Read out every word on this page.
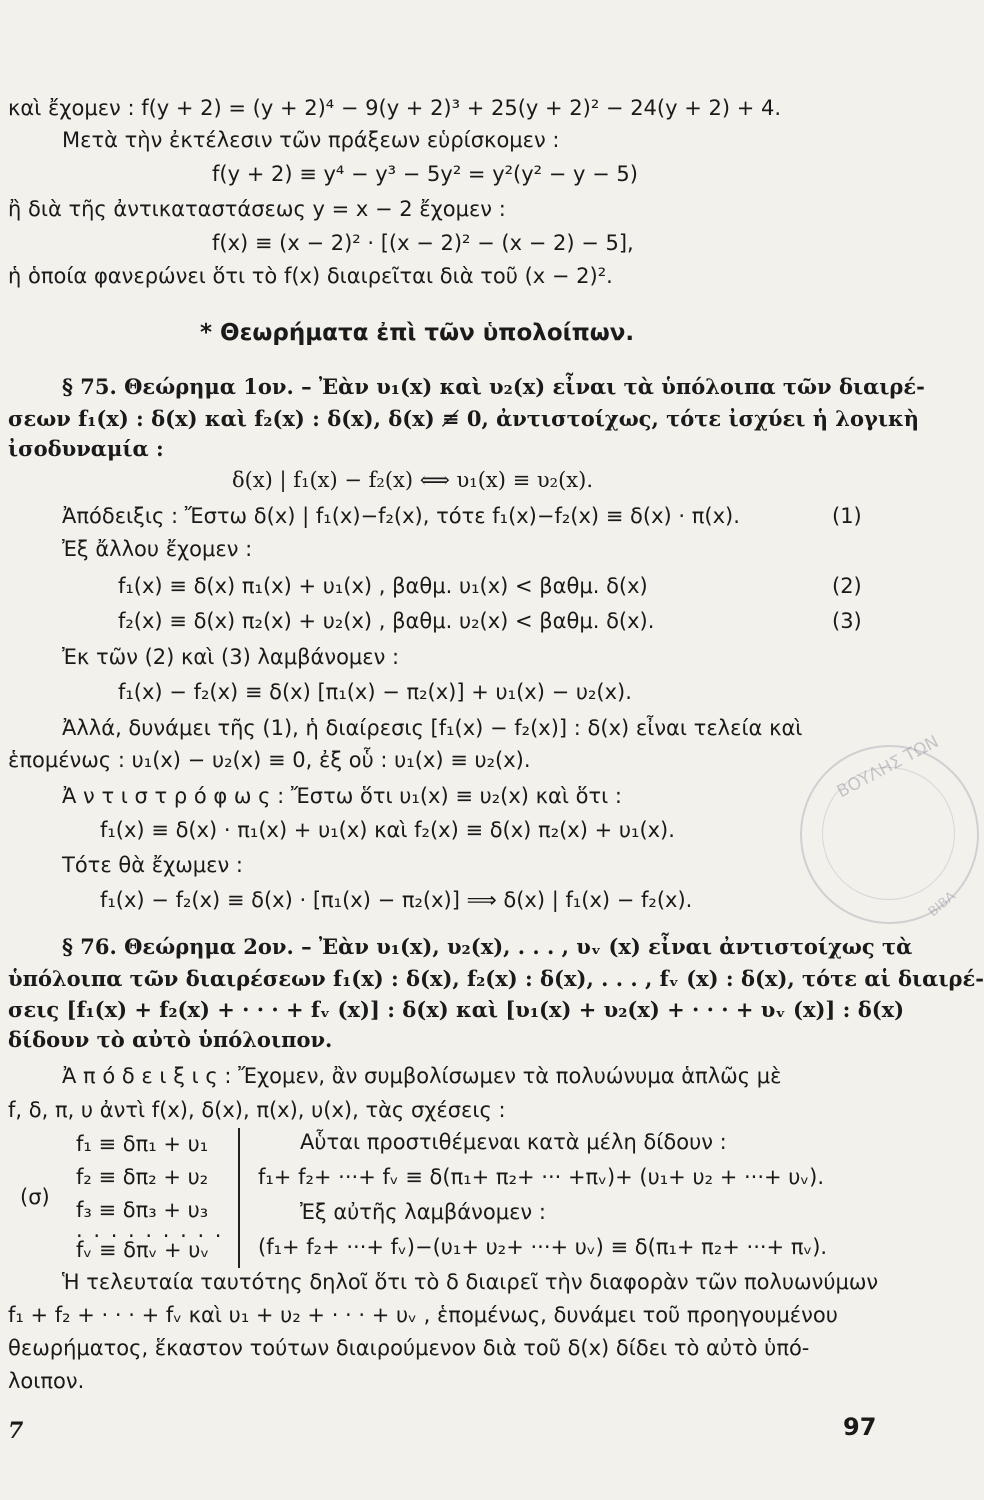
ΒΟΥΛΗΣ ΤΩΝ
ΒΙΒΛ
καὶ ἔχομεν : f(y + 2) = (y + 2)⁴ − 9(y + 2)³ + 25(y + 2)² − 24(y + 2) + 4.
Μετὰ τὴν ἐκτέλεσιν τῶν πράξεων εὑρίσκομεν :
f(y + 2) ≡ y⁴ − y³ − 5y² = y²(y² − y − 5)
ἢ διὰ τῆς ἀντικαταστάσεως y = x − 2 ἔχομεν :
f(x) ≡ (x − 2)² · [(x − 2)² − (x − 2) − 5],
ἡ ὁποία φανερώνει ὅτι τὸ f(x) διαιρεῖται διὰ τοῦ (x − 2)².
* Θεωρήματα ἐπὶ τῶν ὑπολοίπων.
§ 75. Θεώρημα 1ον. – Ἐὰν υ₁(x) καὶ υ₂(x) εἶναι τὰ ὑπόλοιπα τῶν διαιρέ-
σεων f₁(x) : δ(x) καὶ f₂(x) : δ(x), δ(x) ≢ 0, ἀντιστοίχως, τότε ἰσχύει ἡ λογικὴ
ἰσοδυναμία :
δ(x) | f₁(x) − f₂(x) ⟺ υ₁(x) ≡ υ₂(x).
Ἀπόδειξις : Ἔστω δ(x) | f₁(x)−f₂(x), τότε f₁(x)−f₂(x) ≡ δ(x) · π(x).	(1)
Ἐξ ἄλλου ἔχομεν :
f₁(x) ≡ δ(x) π₁(x) + υ₁(x) , βαθμ. υ₁(x) < βαθμ. δ(x)	(2)
f₂(x) ≡ δ(x) π₂(x) + υ₂(x) , βαθμ. υ₂(x) < βαθμ. δ(x).	(3)
Ἐκ τῶν (2) καὶ (3) λαμβάνομεν :
f₁(x) − f₂(x) ≡ δ(x) [π₁(x) − π₂(x)] + υ₁(x) − υ₂(x).
Ἀλλά, δυνάμει τῆς (1), ἡ διαίρεσις [f₁(x) − f₂(x)] : δ(x) εἶναι τελεία καὶ
ἑπομένως : υ₁(x) − υ₂(x) ≡ 0, ἐξ οὗ : υ₁(x) ≡ υ₂(x).
Ἀ ν τ ι σ τ ρ ό φ ω ς : Ἔστω ὅτι υ₁(x) ≡ υ₂(x) καὶ ὅτι :
f₁(x) ≡ δ(x) · π₁(x) + υ₁(x) καὶ f₂(x) ≡ δ(x) π₂(x) + υ₁(x).
Τότε θὰ ἔχωμεν :
f₁(x) − f₂(x) ≡ δ(x) · [π₁(x) − π₂(x)] ⟹ δ(x) | f₁(x) − f₂(x).
§ 76. Θεώρημα 2ον. – Ἐὰν υ₁(x), υ₂(x), . . . , υᵥ (x) εἶναι ἀντιστοίχως τὰ
ὑπόλοιπα τῶν διαιρέσεων f₁(x) : δ(x), f₂(x) : δ(x), . . . , fᵥ (x) : δ(x), τότε αἱ διαιρέ-
σεις [f₁(x) + f₂(x) + · · · + fᵥ (x)] : δ(x) καὶ [υ₁(x) + υ₂(x) + · · · + υᵥ (x)] : δ(x)
δίδουν τὸ αὐτὸ ὑπόλοιπον.
Ἀ π ό δ ε ι ξ ι ς : Ἔχομεν, ἂν συμβολίσωμεν τὰ πολυώνυμα ἁπλῶς μὲ
f, δ, π, υ ἀντὶ f(x), δ(x), π(x), υ(x), τὰς σχέσεις :
(σ)
f₁ ≡ δπ₁ + υ₁
f₂ ≡ δπ₂ + υ₂
f₃ ≡ δπ₃ + υ₃
. . . . . . . . .
fᵥ ≡ δπᵥ + υᵥ
Αὗται προστιθέμεναι κατὰ μέλη δίδουν :
f₁+ f₂+ ···+ fᵥ ≡ δ(π₁+ π₂+ ··· +πᵥ)+ (υ₁+ υ₂ + ···+ υᵥ).
Ἐξ αὐτῆς λαμβάνομεν :
(f₁+ f₂+ ···+ fᵥ)−(υ₁+ υ₂+ ···+ υᵥ) ≡ δ(π₁+ π₂+ ···+ πᵥ).
Ἡ τελευταία ταυτότης δηλοῖ ὅτι τὸ δ διαιρεῖ τὴν διαφορὰν τῶν πολυωνύμων
f₁ + f₂ + · · · + fᵥ καὶ υ₁ + υ₂ + · · · + υᵥ , ἑπομένως, δυνάμει τοῦ προηγουμένου
θεωρήματος, ἕκαστον τούτων διαιρούμενον διὰ τοῦ δ(x) δίδει τὸ αὐτὸ ὑπό-
λοιπον.
7	97
